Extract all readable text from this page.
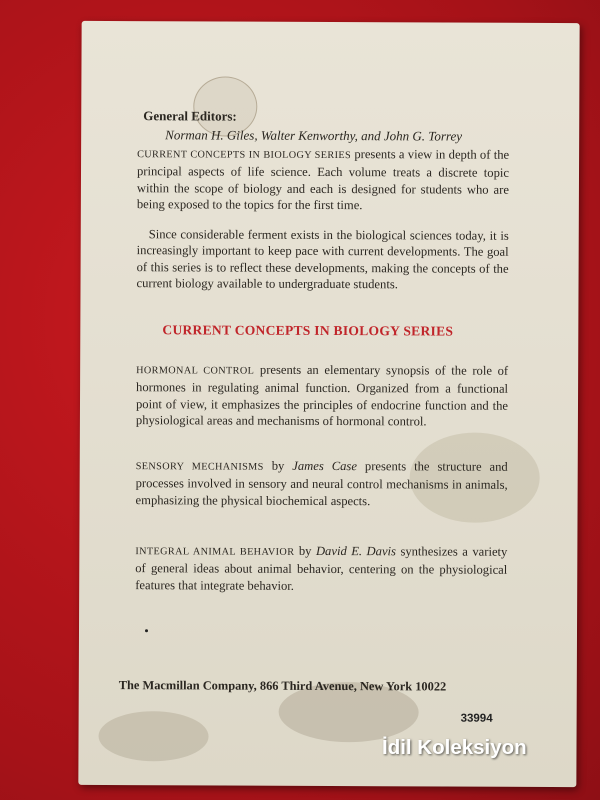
General Editors:
Norman H. Giles, Walter Kenworthy, and John G. Torrey
CURRENT CONCEPTS IN BIOLOGY SERIES presents a view in depth of the principal aspects of life science. Each volume treats a discrete topic within the scope of biology and each is designed for students who are being exposed to the topics for the first time.
Since considerable ferment exists in the biological sciences today, it is increasingly important to keep pace with current developments. The goal of this series is to reflect these developments, making the concepts of the current biology available to undergraduate students.
CURRENT CONCEPTS IN BIOLOGY SERIES
HORMONAL CONTROL presents an elementary synopsis of the role of hormones in regulating animal function. Organized from a functional point of view, it emphasizes the principles of endocrine function and the physiological areas and mechanisms of hormonal control.
SENSORY MECHANISMS by James Case presents the structure and processes involved in sensory and neural control mechanisms in animals, emphasizing the physical biochemical aspects.
INTEGRAL ANIMAL BEHAVIOR by David E. Davis synthesizes a variety of general ideas about animal behavior, centering on the physiological features that integrate behavior.
The Macmillan Company, 866 Third Avenue, New York 10022
33994
İdil Koleksiyon
